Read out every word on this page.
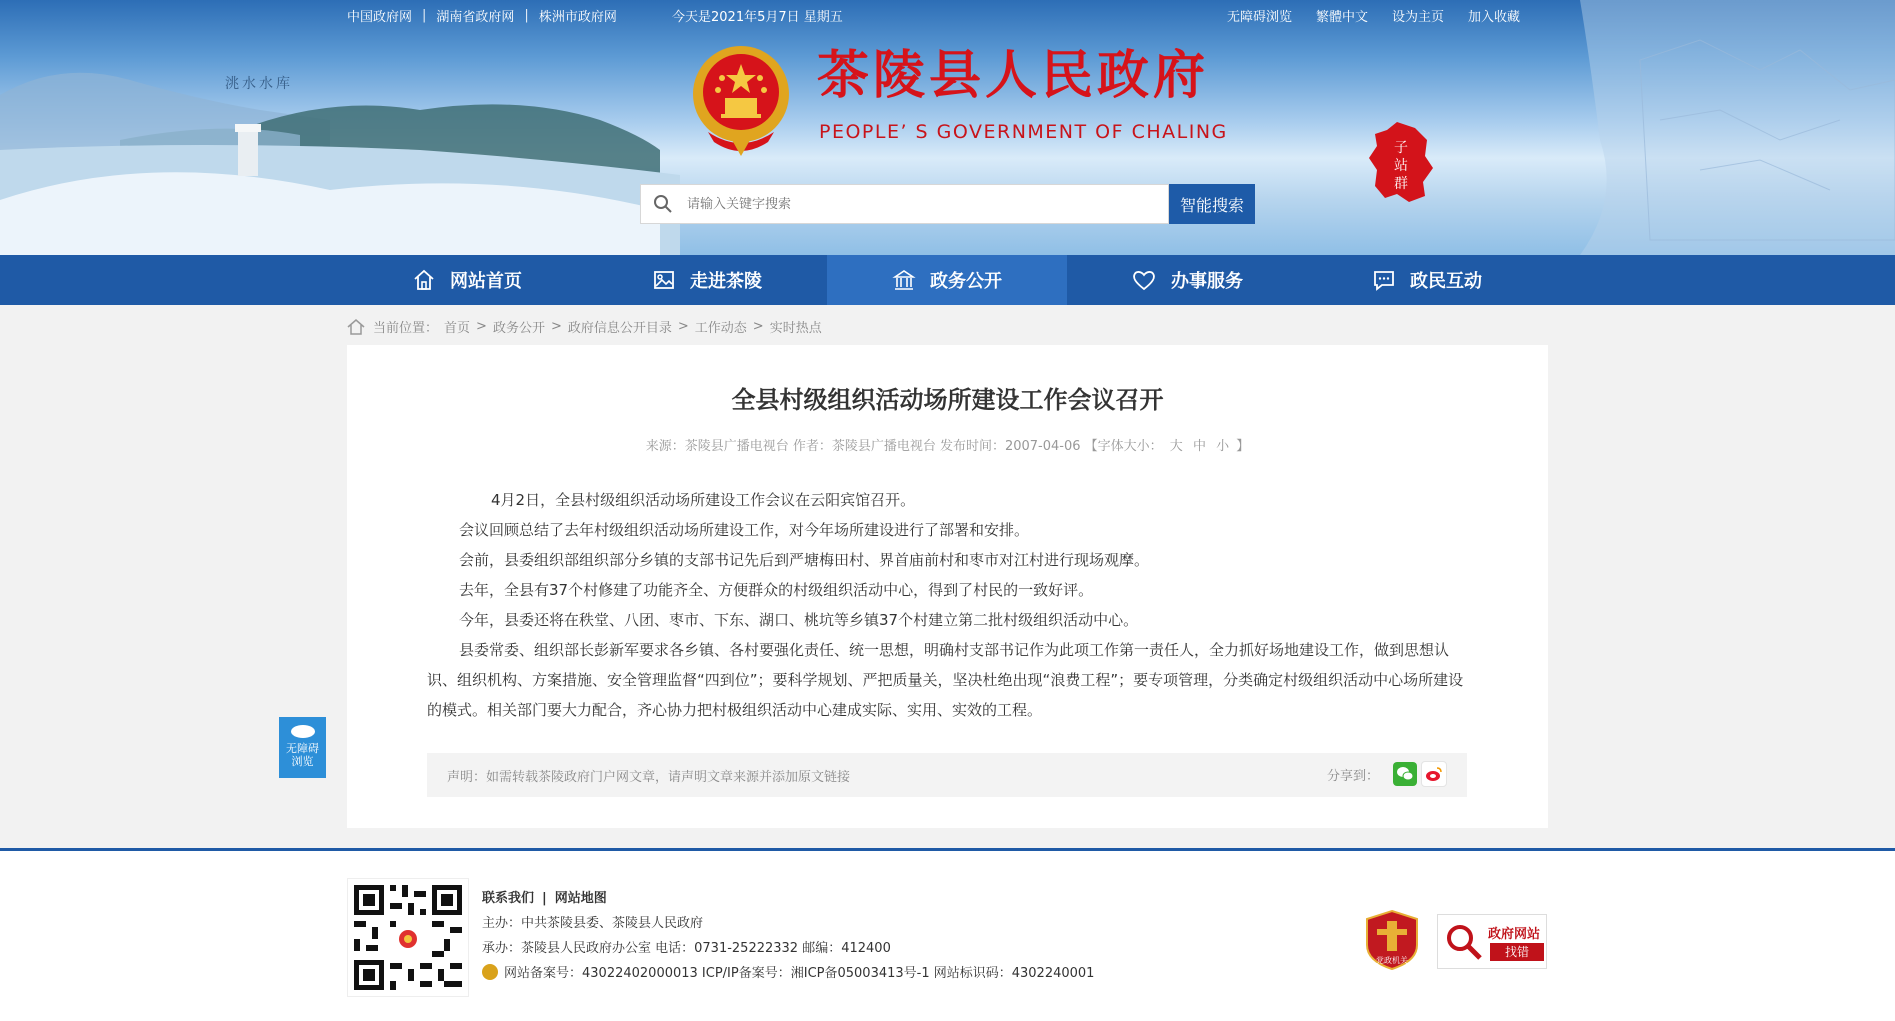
中国政府网 | 湖南省政府网 | 株洲市政府网	今天是2021年5月7日 星期五	无障碍浏览 繁體中文 设为主页 加入收藏
洮水水库	茶陵县人民政府
PEOPLE’ S GOVERNMENT OF CHALING
子
站
群
请输入关键字搜索
智能搜索
网站首页	走进茶陵	政务公开	办事服务	政民互动
当前位置： 首页 > 政务公开 > 政府信息公开目录 > 工作动态 > 实时热点
全县村级组织活动场所建设工作会议召开
来源：茶陵县广播电视台 作者：茶陵县广播电视台 发布时间：2007-04-06 【字体大小： 大 中 小 】

4月2日，全县村级组织活动场所建设工作会议在云阳宾馆召开。

会议回顾总结了去年村级组织活动场所建设工作，对今年场所建设进行了部署和安排。

会前，县委组织部组织部分乡镇的支部书记先后到严塘梅田村、界首庙前村和枣市对江村进行现场观摩。

去年，全县有37个村修建了功能齐全、方便群众的村级组织活动中心，得到了村民的一致好评。

今年，县委还将在秩堂、八团、枣市、下东、湖口、桃坑等乡镇37个村建立第二批村级组织活动中心。

县委常委、组织部长彭新军要求各乡镇、各村要强化责任、统一思想，明确村支部书记作为此项工作第一责任人，全力抓好场地建设工作，做到思想认识、组织机构、方案措施、安全管理监督“四到位”；要科学规划、严把质量关，坚决杜绝出现“浪费工程”；要专项管理，分类确定村级组织活动中心场所建设的模式。相关部门要大力配合，齐心协力把村极组织活动中心建成实际、实用、实效的工程。

声明：如需转载茶陵政府门户网文章，请声明文章来源并添加原文链接	分享到：
无障碍
浏览
联系我们 | 网站地图
主办：中共茶陵县委、茶陵县人民政府
承办：茶陵县人民政府办公室 电话：0731-25222332 邮编：412400
网站备案号：43022402000013 ICP/IP备案号：湘ICP备05003413号-1 网站标识码：4302240001
党政机关
政府网站
找错
